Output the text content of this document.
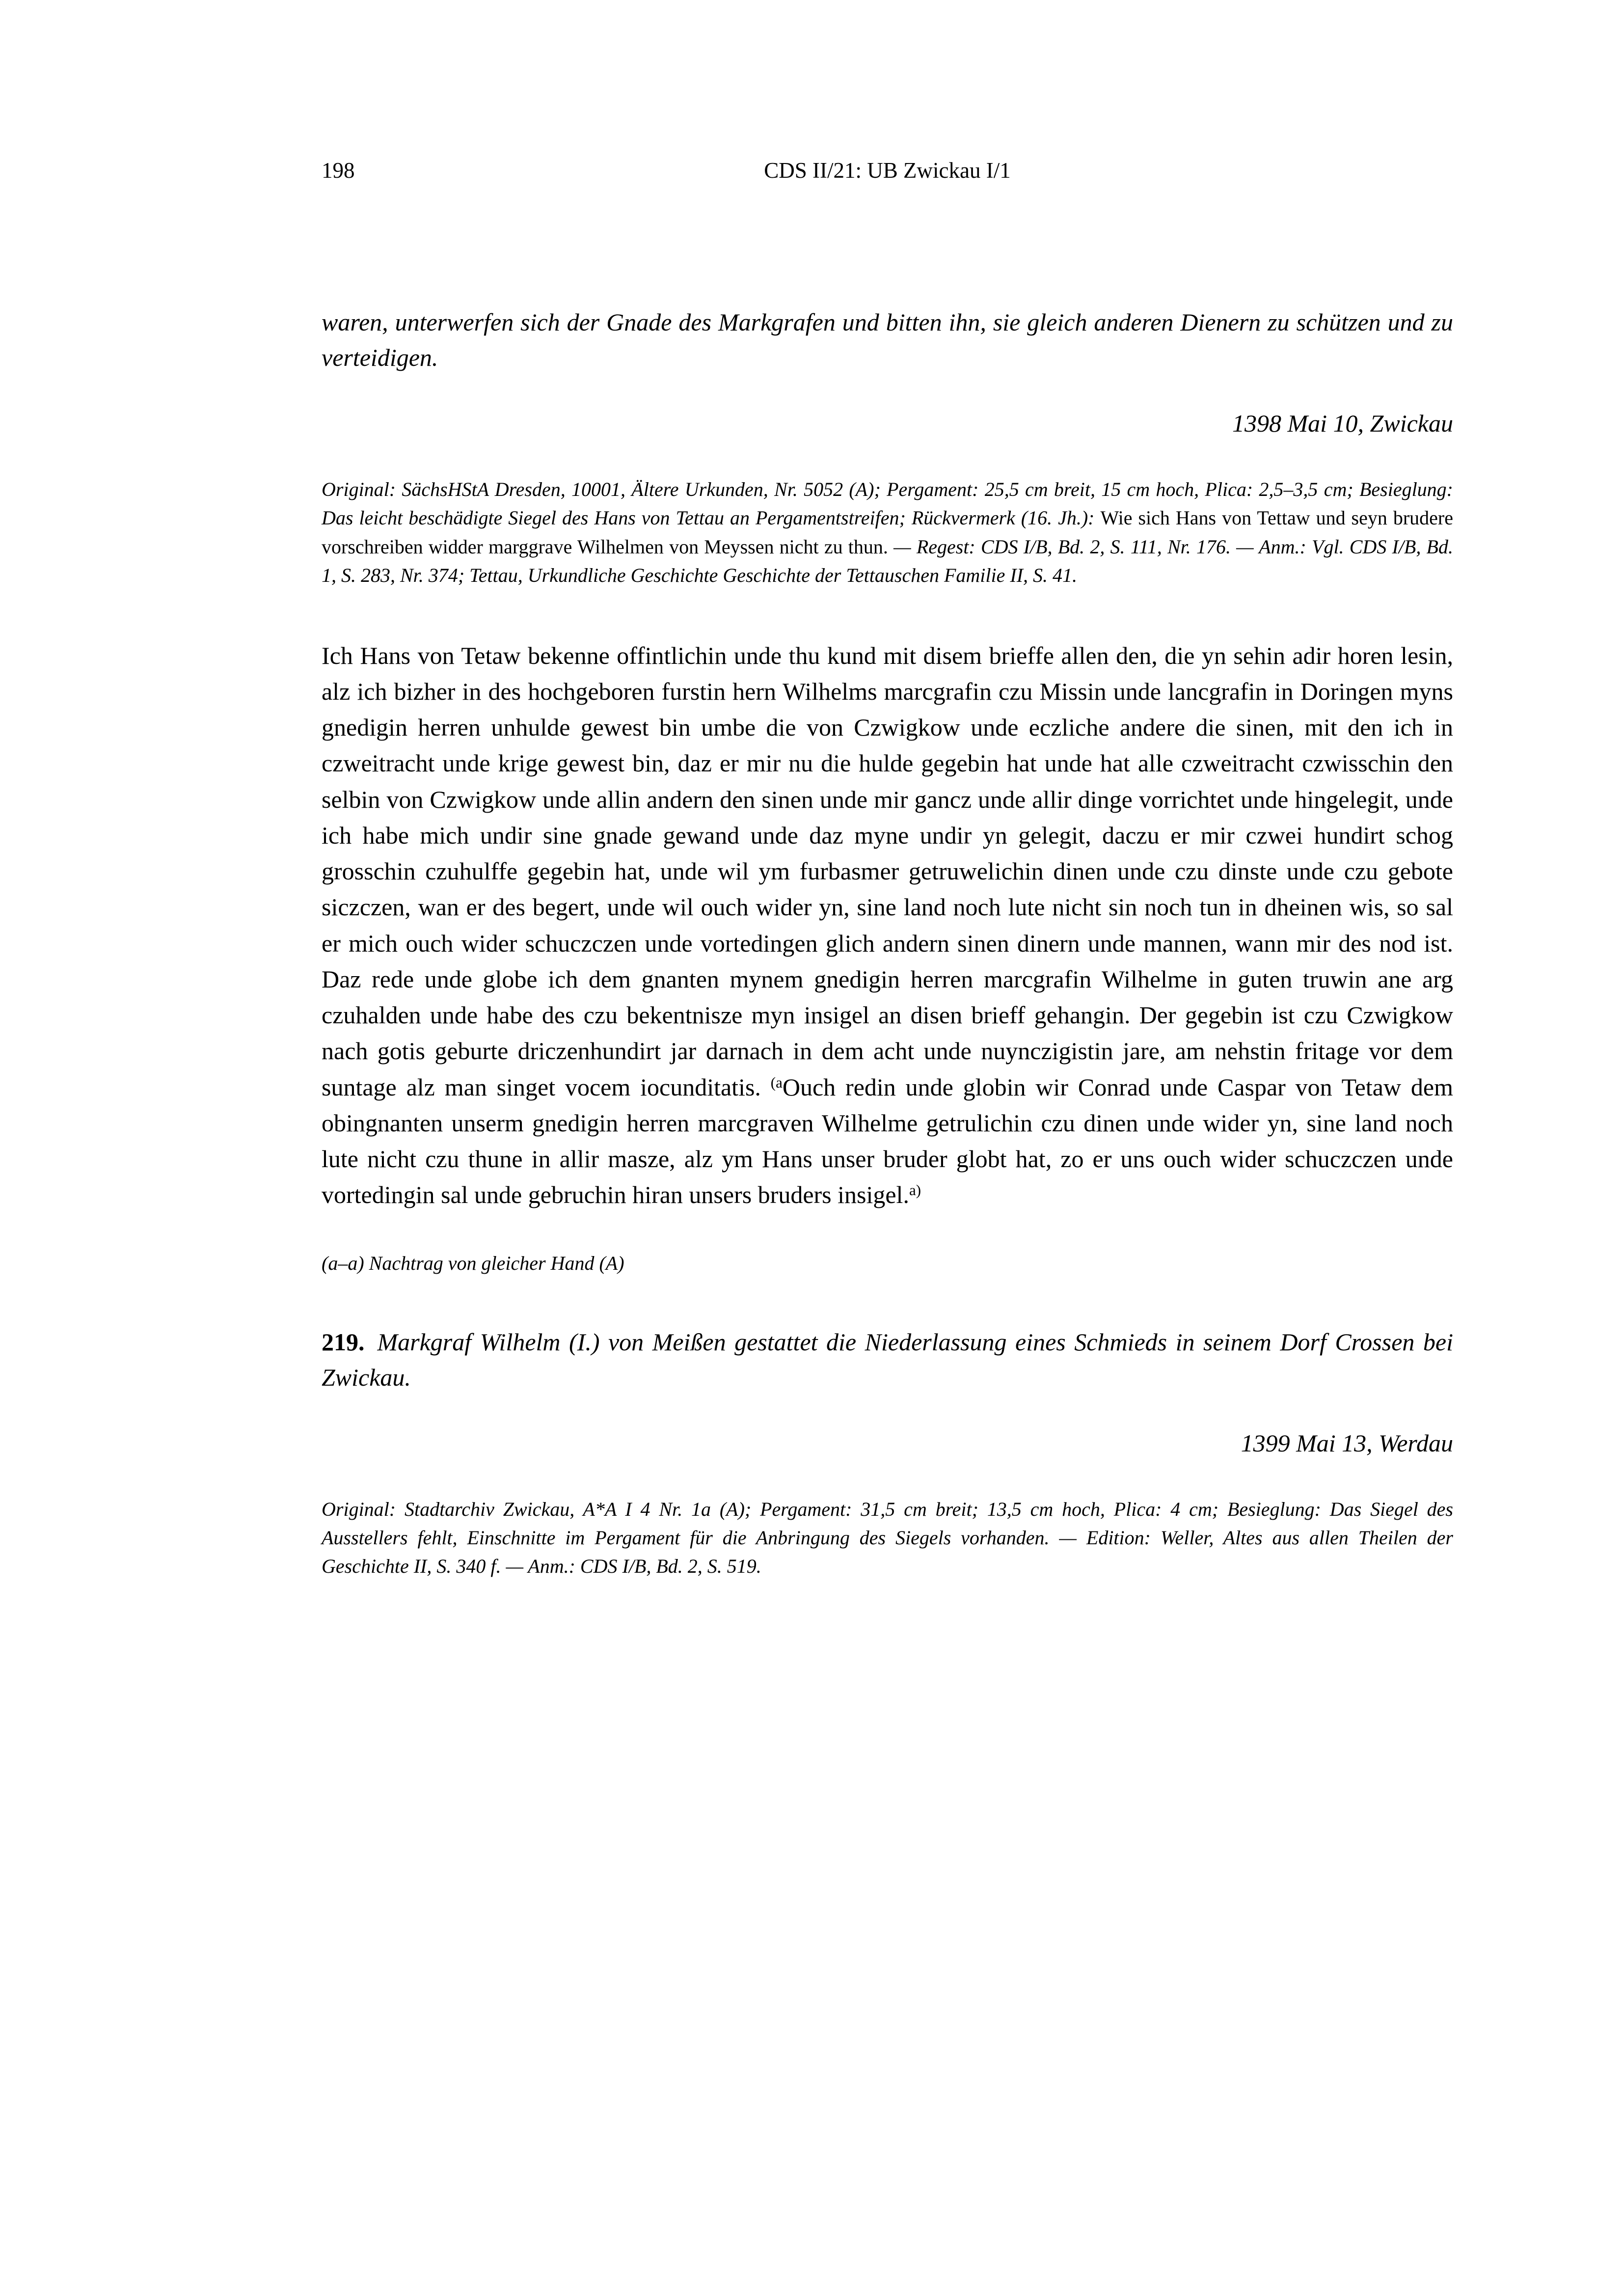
198	CDS II/21: UB Zwickau I/1
waren, unterwerfen sich der Gnade des Markgrafen und bitten ihn, sie gleich anderen Dienern zu schützen und zu verteidigen.
1398 Mai 10, Zwickau
Original: SächsHStA Dresden, 10001, Ältere Urkunden, Nr. 5052 (A); Pergament: 25,5 cm breit, 15 cm hoch, Plica: 2,5–3,5 cm; Besieglung: Das leicht beschädigte Siegel des Hans von Tettau an Pergamentstreifen; Rückvermerk (16. Jh.): Wie sich Hans von Tettaw und seyn brudere vorschreiben widder marggrave Wilhelmen von Meyssen nicht zu thun. — Regest: CDS I/B, Bd. 2, S. 111, Nr. 176. — Anm.: Vgl. CDS I/B, Bd. 1, S. 283, Nr. 374; Tettau, Urkundliche Geschichte Geschichte der Tettauschen Familie II, S. 41.
Ich Hans von Tetaw bekenne offintlichin unde thu kund mit disem brieffe allen den, die yn sehin adir horen lesin, alz ich bizher in des hochgeboren furstin hern Wilhelms marcgrafin czu Missin unde lancgrafin in Doringen myns gnedigin herren unhulde gewest bin umbe die von Czwigkow unde eczliche andere die sinen, mit den ich in czweitracht unde krige gewest bin, daz er mir nu die hulde gegebin hat unde hat alle czweitracht czwisschin den selbin von Czwigkow unde allin andern den sinen unde mir gancz unde allir dinge vorrichtet unde hingelegit, unde ich habe mich undir sine gnade gewand unde daz myne undir yn gelegit, daczu er mir czwei hundirt schog grosschin czuhulffe gegebin hat, unde wil ym furbasmer getruwelichin dinen unde czu dinste unde czu gebote siczczen, wan er des begert, unde wil ouch wider yn, sine land noch lute nicht sin noch tun in dheinen wis, so sal er mich ouch wider schuczczen unde vortedingen glich andern sinen dinern unde mannen, wann mir des nod ist. Daz rede unde globe ich dem gnanten mynem gnedigin herren marcgrafin Wilhelme in guten truwin ane arg czuhalden unde habe des czu bekentnisze myn insigel an disen brieff gehangin. Der gegebin ist czu Czwigkow nach gotis geburte driczenhundirt jar darnach in dem acht unde nuynczigistin jare, am nehstin fritage vor dem suntage alz man singet vocem iocunditatis. $^{(a}$Ouch redin unde globin wir Conrad unde Caspar von Tetaw dem obingnanten unserm gnedigin herren marcgraven Wilhelme getrulichin czu dinen unde wider yn, sine land noch lute nicht czu thune in allir masze, alz ym Hans unser bruder globt hat, zo er uns ouch wider schuczczen unde vortedingin sal unde gebruchin hiran unsers bruders insigel.$^{a)}$
(a–a) Nachtrag von gleicher Hand (A)
219. Markgraf Wilhelm (I.) von Meißen gestattet die Niederlassung eines Schmieds in seinem Dorf Crossen bei Zwickau.
1399 Mai 13, Werdau
Original: Stadtarchiv Zwickau, A*A I 4 Nr. 1a (A); Pergament: 31,5 cm breit; 13,5 cm hoch, Plica: 4 cm; Besieglung: Das Siegel des Ausstellers fehlt, Einschnitte im Pergament für die Anbringung des Siegels vorhanden. — Edition: Weller, Altes aus allen Theilen der Geschichte II, S. 340 f. — Anm.: CDS I/B, Bd. 2, S. 519.
